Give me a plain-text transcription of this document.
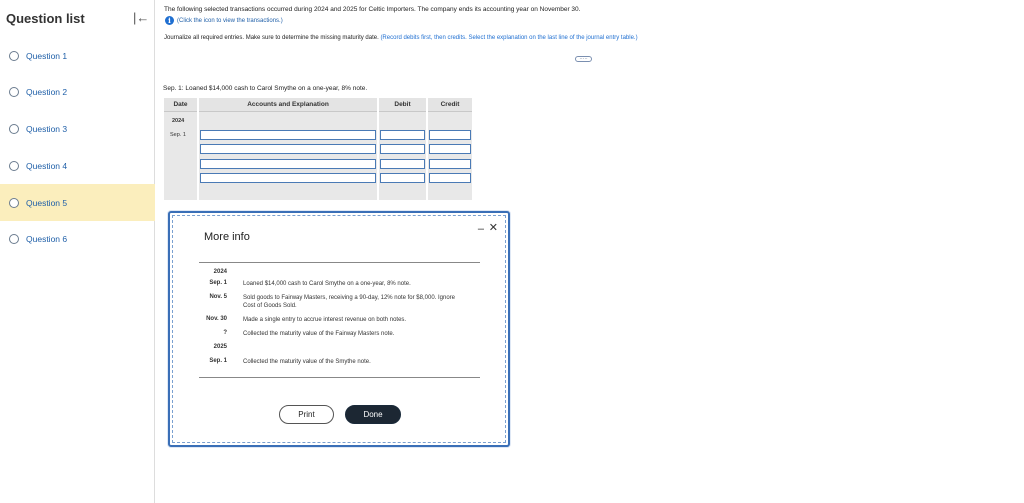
Question list	|←
Question 1
Question 2
Question 3
Question 4
Question 5
Question 6
The following selected transactions occurred during 2024 and 2025 for Celtic Importers. The company ends its accounting year on November 30.
i	(Click the icon to view the transactions.)
Journalize all required entries. Make sure to determine the missing maturity date. (Record debits first, then credits. Select the explanation on the last line of the journal entry table.)
·····
Sep. 1: Loaned $14,000 cash to Carol Smythe on a one-year, 8% note.
Date	Accounts and Explanation	Debit	Credit
2024
Sep. 1
More info
– ✕
2024
Sep. 1	Loaned $14,000 cash to Carol Smythe on a one-year, 8% note.
Nov. 5	Sold goods to Fairway Masters, receiving a 90-day, 12% note for $8,000. Ignore Cost of Goods Sold.
Nov. 30	Made a single entry to accrue interest revenue on both notes.
?	Collected the maturity value of the Fairway Masters note.
2025
Sep. 1	Collected the maturity value of the Smythe note.
Print	Done
